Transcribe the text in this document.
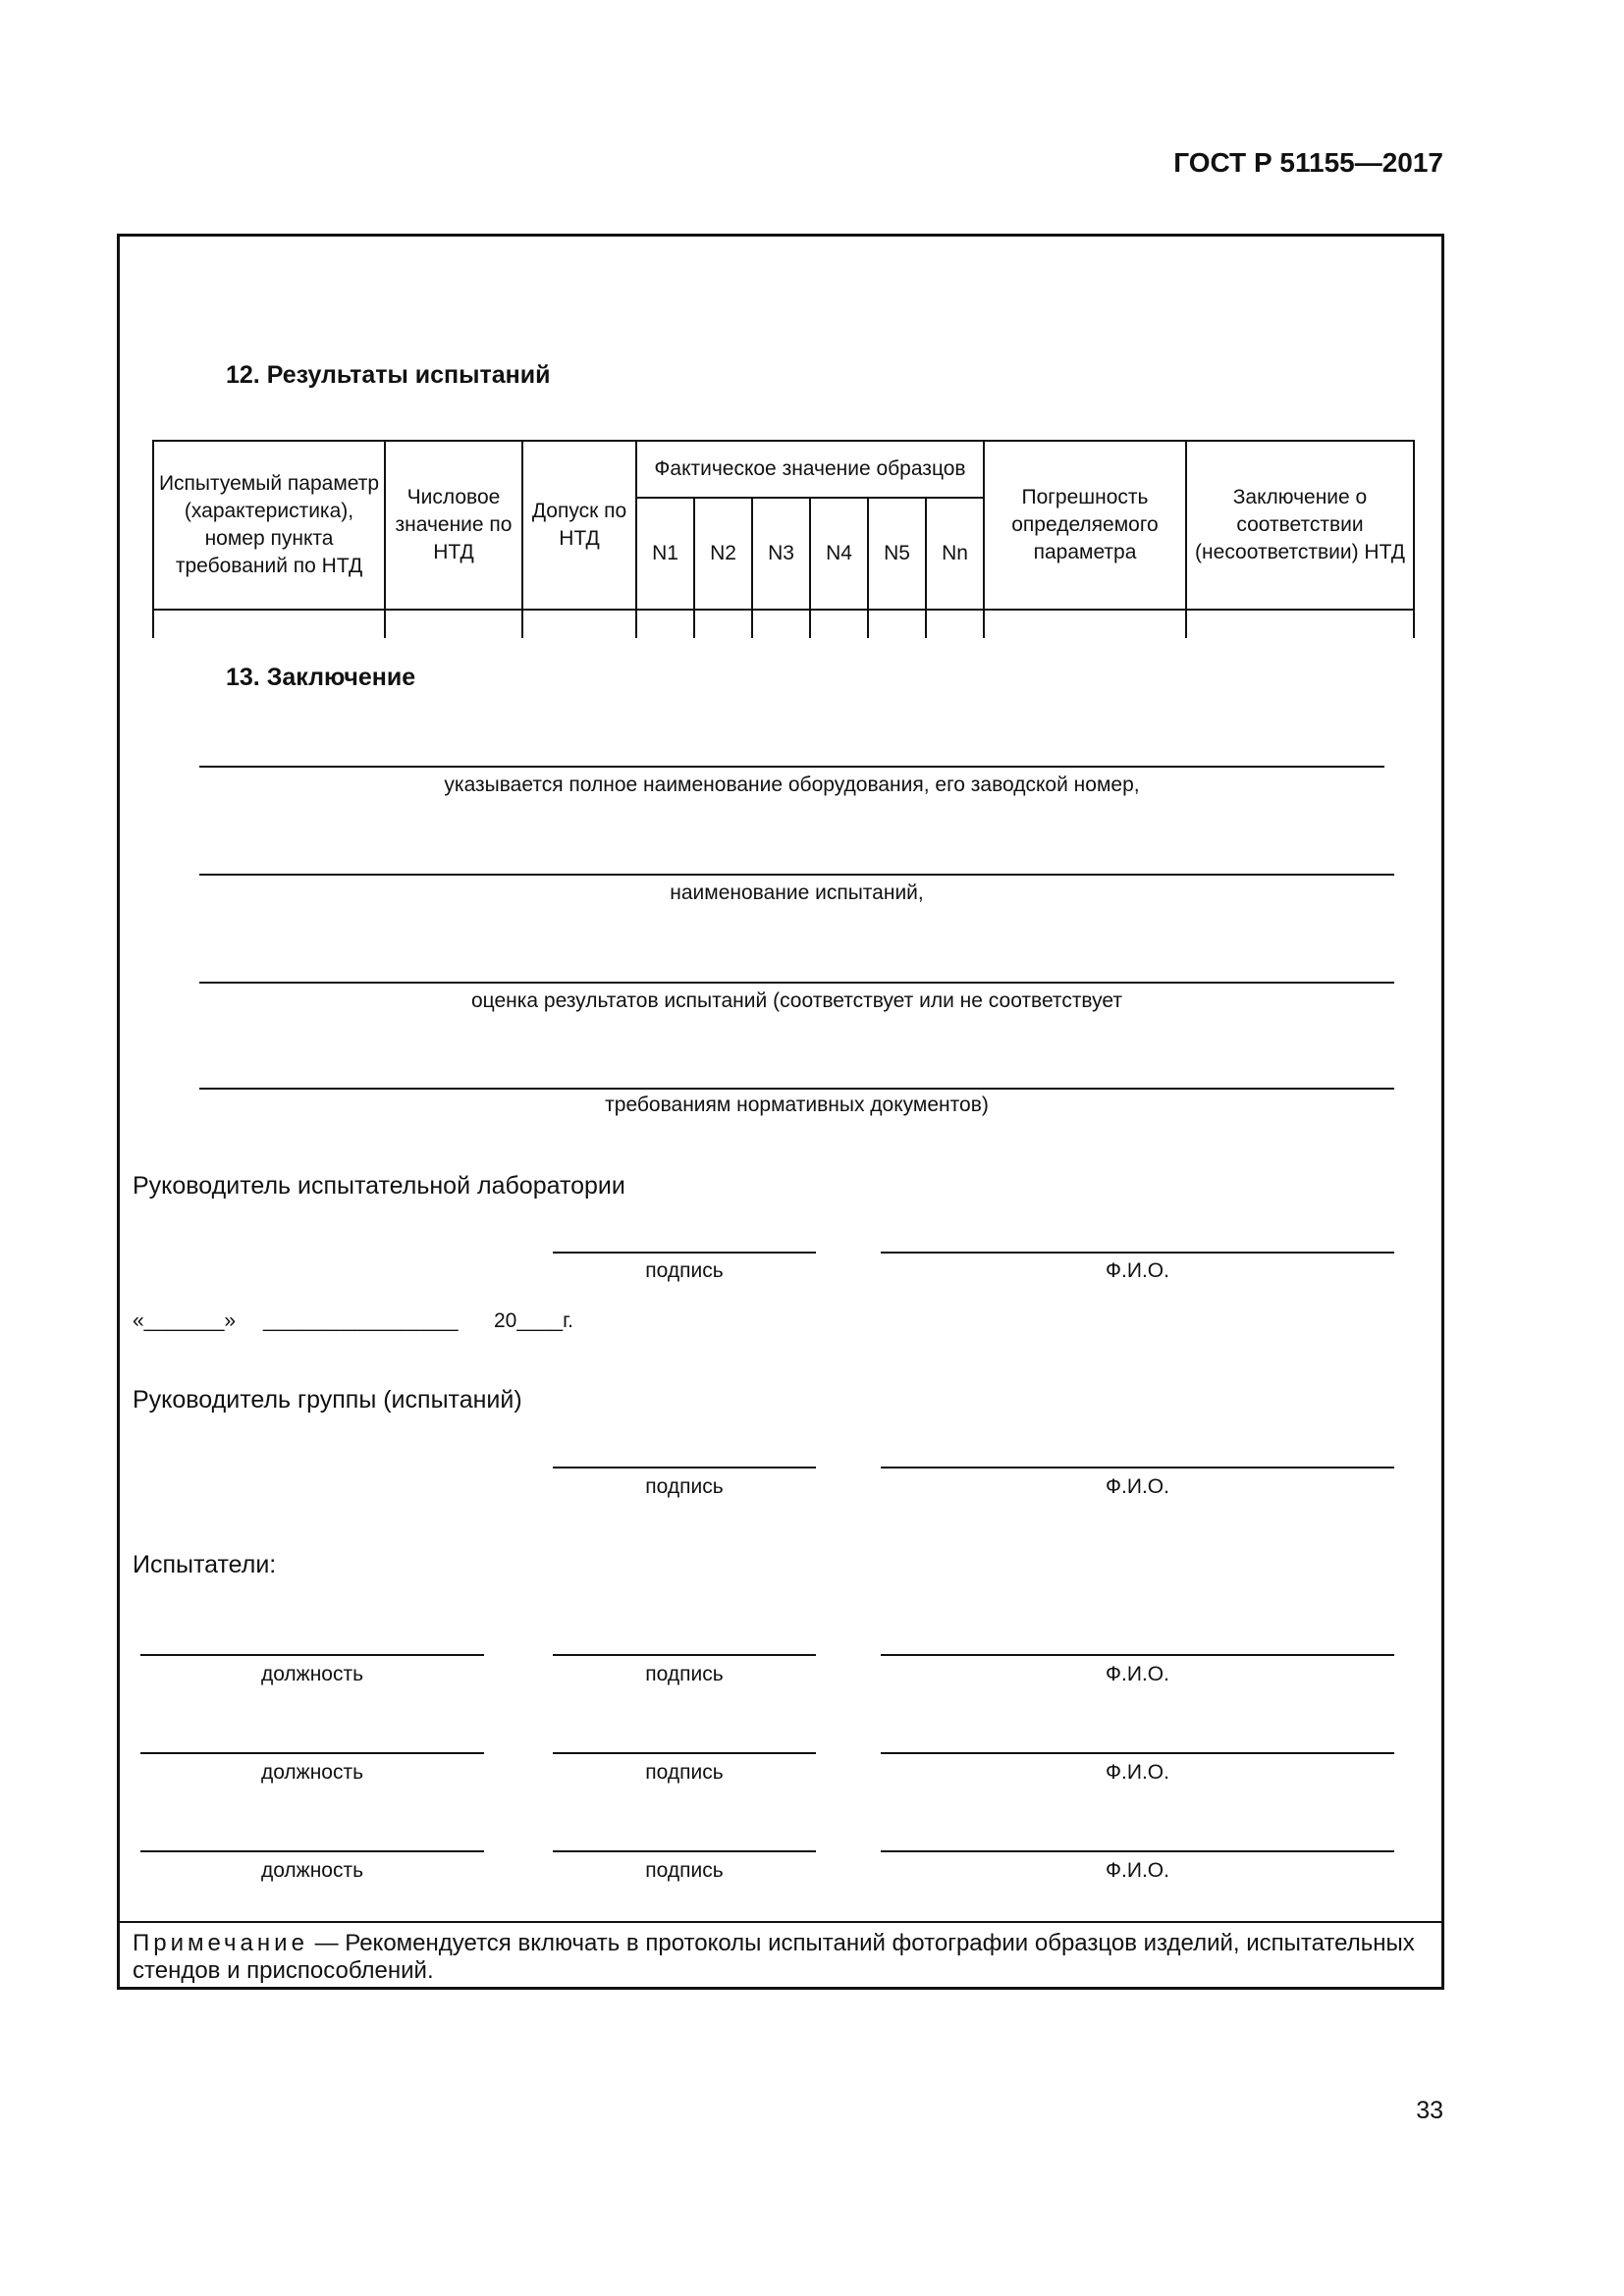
ГОСТ Р 51155—2017
12. Результаты испытаний
Испытуемый параметр (характеристика), номер пункта требований по НТД	Числовое значение по НТД	Допуск по НТД	Фактическое значение образцов						Погрешность определяемого параметра	Заключение о соответствии (несоответствии) НТД
			N1	N2	N3	N4	N5	Nn		

13. Заключение
указывается полное наименование оборудования, его заводской номер,
наименование испытаний,
оценка результатов испытаний (соответствует или не соответствует
требованиям нормативных документов)
Руководитель испытательной лаборатории
подпись	Ф.И.О.
«_______» _________________ 20____г.
Руководитель группы (испытаний)
подпись	Ф.И.О.
Испытатели:
должность	подпись	Ф.И.О.
должность	подпись	Ф.И.О.
должность	подпись	Ф.И.О.
Примечание — Рекомендуется включать в протоколы испытаний фотографии образцов изделий, испытательных стендов и приспособлений.
33
